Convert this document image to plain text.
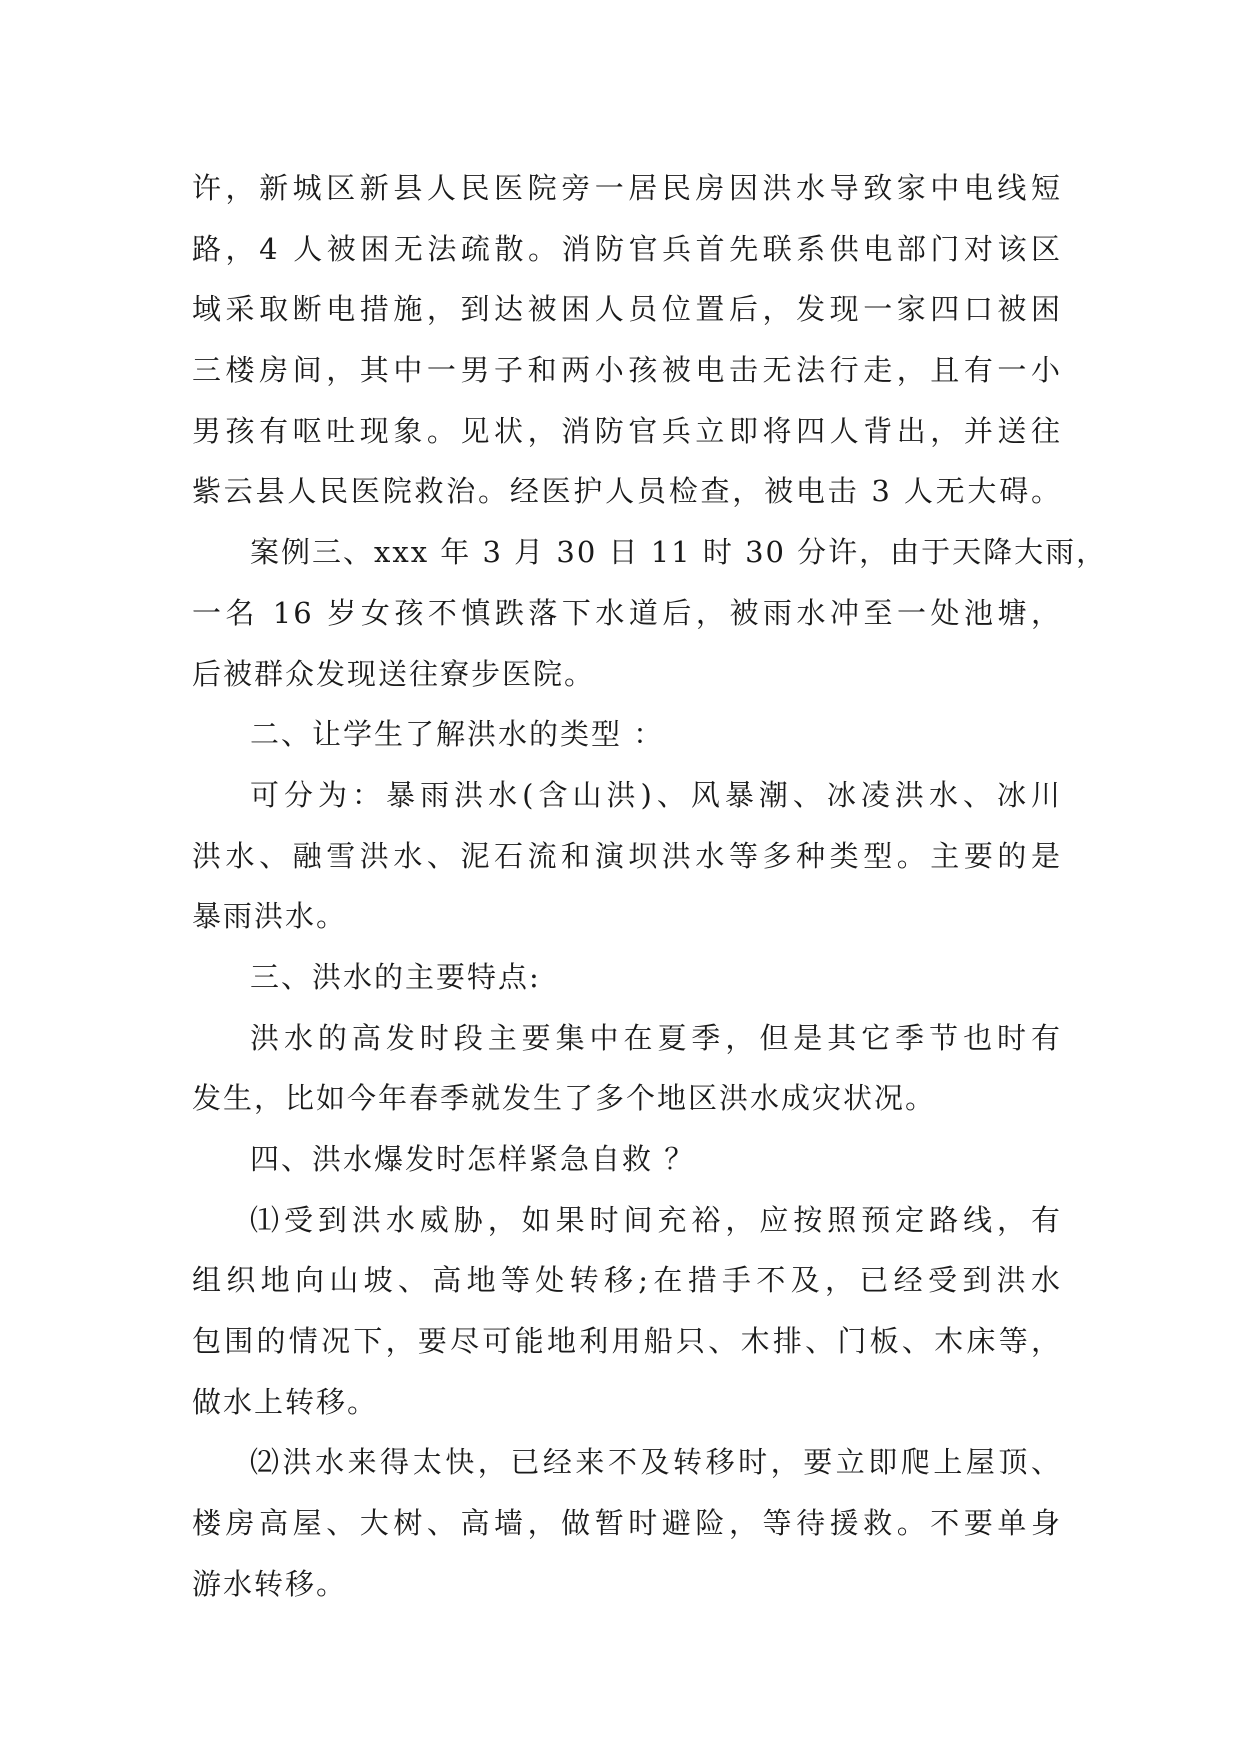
许，新城区新县人民医院旁一居民房因洪水导致家中电线短
路，4 人被困无法疏散。消防官兵首先联系供电部门对该区
域采取断电措施，到达被困人员位置后，发现一家四口被困
三楼房间，其中一男子和两小孩被电击无法行走，且有一小
男孩有呕吐现象。见状，消防官兵立即将四人背出，并送往
紫云县人民医院救治。经医护人员检查，被电击 3 人无大碍。
案例三、xxx 年 3 月 30 日 11 时 30 分许，由于天降大雨，
一名 16 岁女孩不慎跌落下水道后，被雨水冲至一处池塘，
后被群众发现送往寮步医院。
二、让学生了解洪水的类型 ：
可分为：暴雨洪水(含山洪)、风暴潮、冰凌洪水、冰川
洪水、融雪洪水、泥石流和演坝洪水等多种类型。主要的是
暴雨洪水。
三、洪水的主要特点:
洪水的高发时段主要集中在夏季，但是其它季节也时有
发生，比如今年春季就发生了多个地区洪水成灾状况。
四、洪水爆发时怎样紧急自救 ？
⑴受到洪水威胁，如果时间充裕，应按照预定路线，有
组织地向山坡、高地等处转移;在措手不及，已经受到洪水
包围的情况下，要尽可能地利用船只、木排、门板、木床等，
做水上转移。
⑵洪水来得太快，已经来不及转移时，要立即爬上屋顶、
楼房高屋、大树、高墙，做暂时避险，等待援救。不要单身
游水转移。
